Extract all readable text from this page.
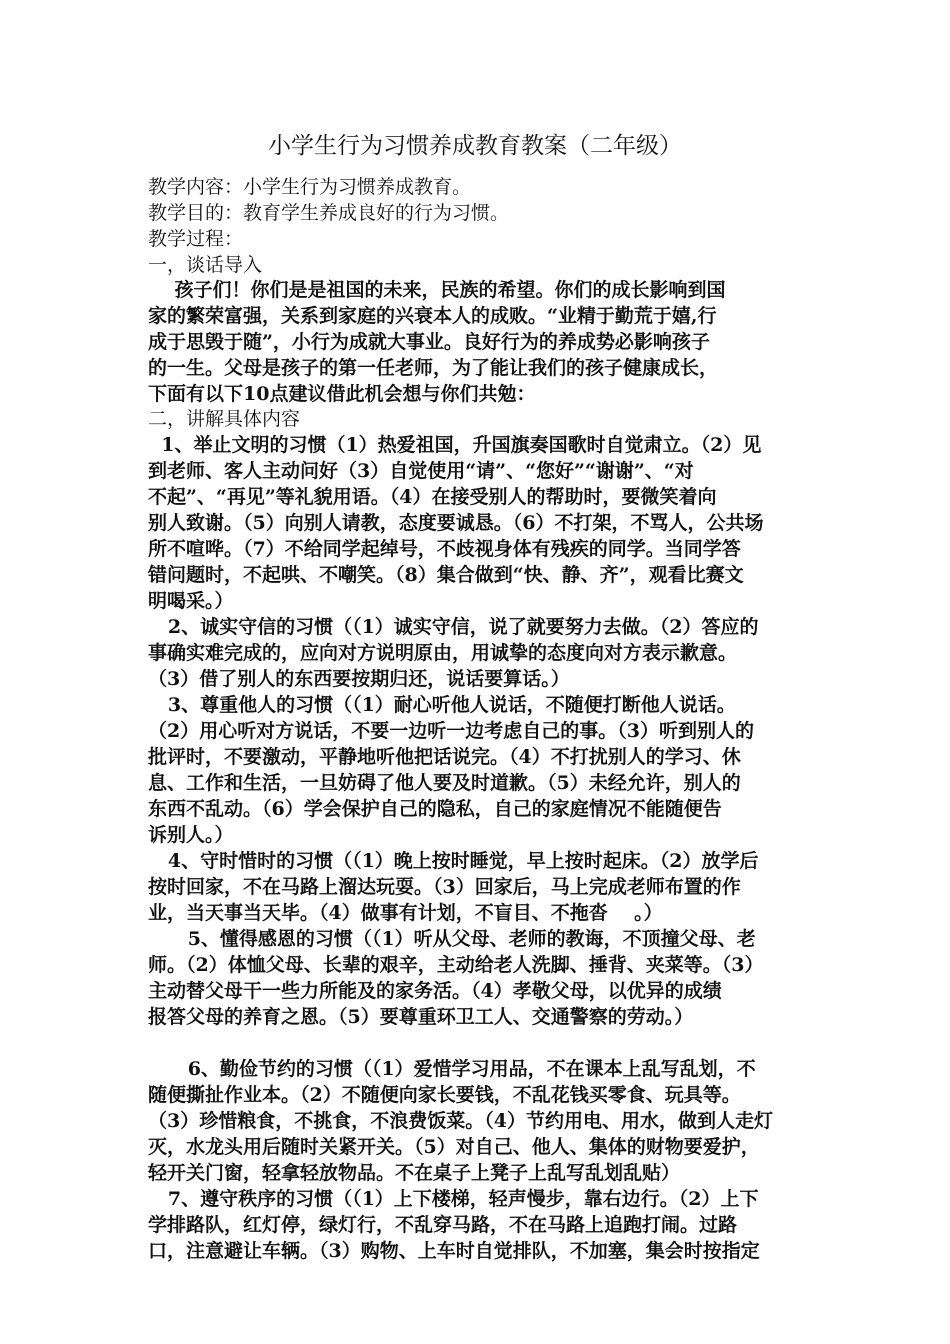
小学生行为习惯养成教育教案（二年级）
教学内容：小学生行为习惯养成教育。
教学目的：教育学生养成良好的行为习惯。
教学过程：
一，谈话导入
孩子们！你们是是祖国的未来，民族的希望。你们的成长影响到国
家的繁荣富强，关系到家庭的兴衰本人的成败。“业精于勤荒于嬉,行
成于思毁于随”，小行为成就大事业。良好行为的养成势必影响孩子
的一生。父母是孩子的第一任老师，为了能让我们的孩子健康成长，
下面有以下10点建议借此机会想与你们共勉：
二，讲解具体内容
1、举止文明的习惯（1）热爱祖国，升国旗奏国歌时自觉肃立。（2）见
到老师、客人主动问好（3）自觉使用“请”、“您好”“谢谢”、“对
不起”、“再见”等礼貌用语。（4）在接受别人的帮助时，要微笑着向
别人致谢。（5）向别人请教，态度要诚恳。（6）不打架，不骂人，公共场
所不喧哗。（7）不给同学起绰号，不歧视身体有残疾的同学。当同学答
错问题时，不起哄、不嘲笑。（8）集合做到“快、静、齐”，观看比赛文
明喝采。）
2、诚实守信的习惯（（1）诚实守信，说了就要努力去做。（2）答应的
事确实难完成的，应向对方说明原由，用诚挚的态度向对方表示歉意。
（3）借了别人的东西要按期归还，说话要算话。）
3、尊重他人的习惯（（1）耐心听他人说话，不随便打断他人说话。
（2）用心听对方说话，不要一边听一边考虑自己的事。（3）听到别人的
批评时，不要激动，平静地听他把话说完。（4）不打扰别人的学习、休
息、工作和生活，一旦妨碍了他人要及时道歉。（5）未经允许，别人的
东西不乱动。（6）学会保护自己的隐私，自己的家庭情况不能随便告
诉别人。）
4、守时惜时的习惯（（1）晚上按时睡觉，早上按时起床。（2）放学后
按时回家，不在马路上溜达玩耍。（3）回家后，马上完成老师布置的作
业，当天事当天毕。（4）做事有计划，不盲目、不拖沓    。）
5、懂得感恩的习惯（（1）听从父母、老师的教诲，不顶撞父母、老
师。（2）体恤父母、长辈的艰辛，主动给老人洗脚、捶背、夹菜等。（3）
主动替父母干一些力所能及的家务活。（4）孝敬父母，以优异的成绩
报答父母的养育之恩。（5）要尊重环卫工人、交通警察的劳动。）
6、勤俭节约的习惯（（1）爱惜学习用品，不在课本上乱写乱划，不
随便撕扯作业本。（2）不随便向家长要钱，不乱花钱买零食、玩具等。
（3）珍惜粮食，不挑食，不浪费饭菜。（4）节约用电、用水，做到人走灯
灭，水龙头用后随时关紧开关。（5）对自己、他人、集体的财物要爱护，
轻开关门窗，轻拿轻放物品。不在桌子上凳子上乱写乱划乱贴）
7、遵守秩序的习惯（（1）上下楼梯，轻声慢步，靠右边行。（2）上下
学排路队，红灯停，绿灯行，不乱穿马路，不在马路上追跑打闹。过路
口，注意避让车辆。（3）购物、上车时自觉排队，不加塞，集会时按指定
